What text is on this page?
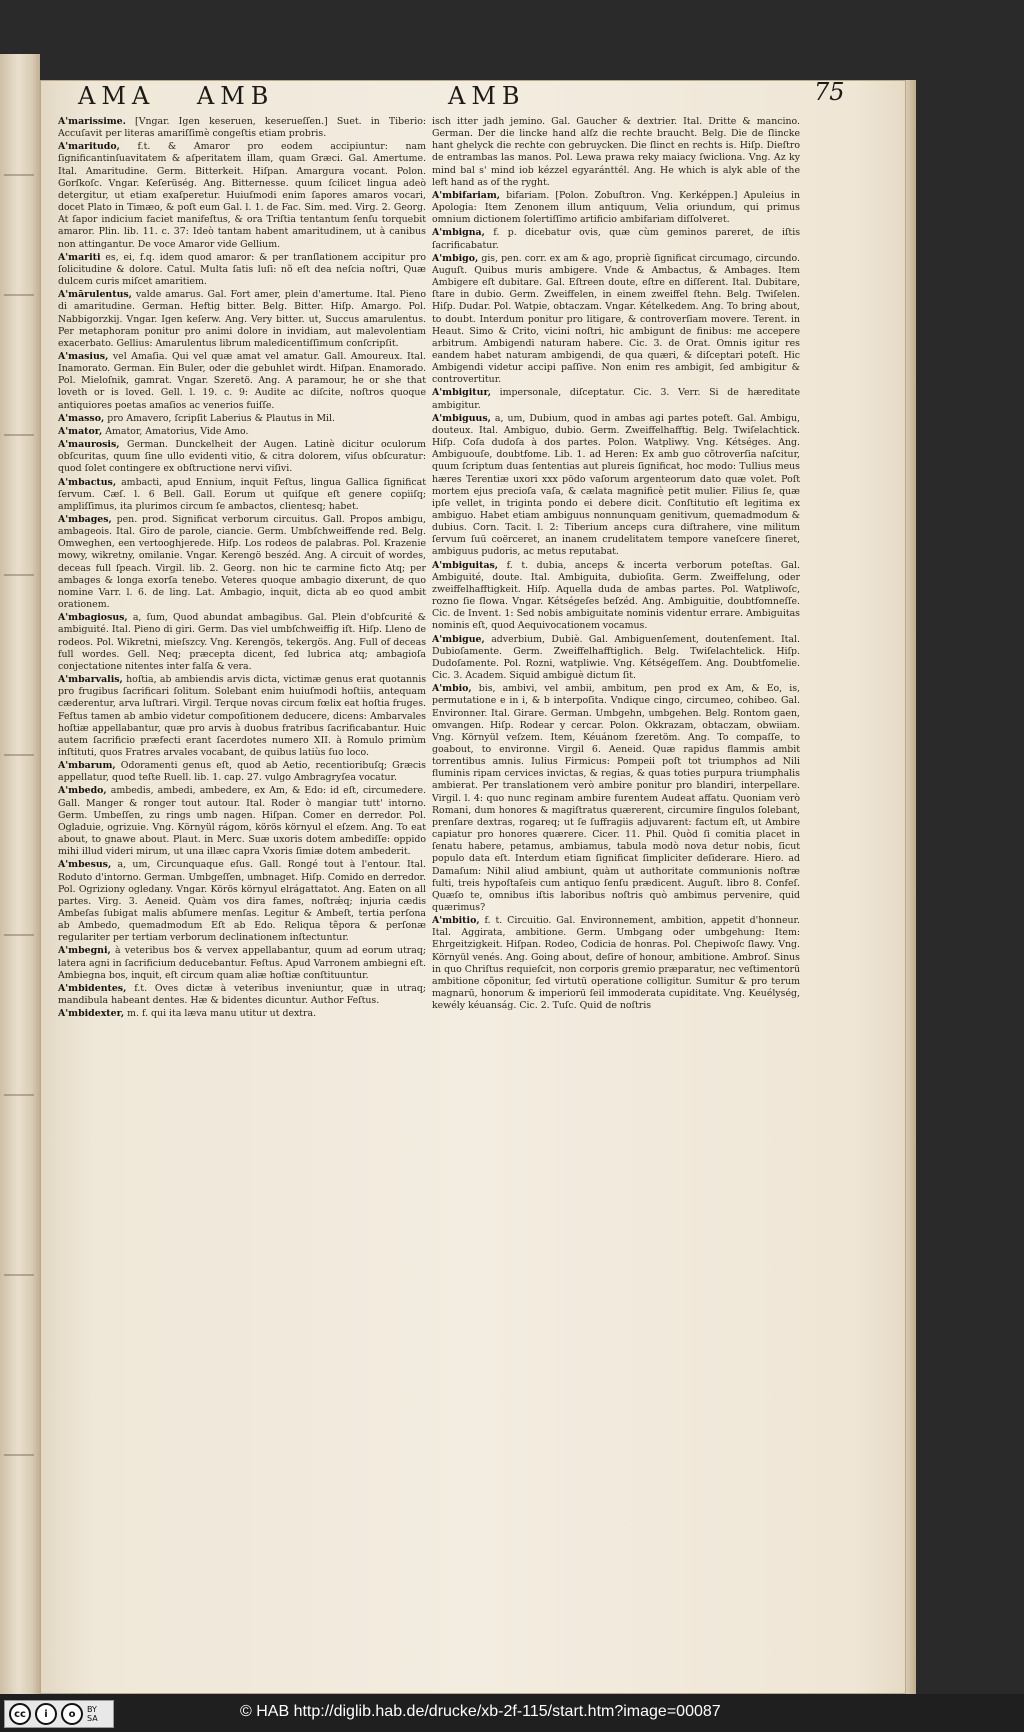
AMA AMB	AMB	75

A'marissime. [Vngar. Igen keseruen, keserueſſen.] Suet. in Tiberio: Accuſavit per literas amariſſimè congeſtis etiam probris.

A'maritudo, f.t. & Amaror pro eodem accipiuntur: nam ſignificantinſuavitatem & aſperitatem illam, quam Græci. Gal. Amertume. Ital. Amaritudine. Germ. Bitterkeit. Hiſpan. Amargura vocant. Polon. Gorſkoſc. Vngar. Keſerüség. Ang. Bitternesse. quum ſcilicet lingua adeò detergitur, ut etiam exaſperetur. Huiuſmodi enim ſapores amaros vocari, docet Plato in Timæo, & poſt eum Gal. l. 1. de Fac. Sim. med. Virg. 2. Georg. At ſapor indicium faciet manifeſtus, & ora Triſtia tentantum ſenſu torquebit amaror. Plin. lib. 11. c. 37: Ideò tantam habent amaritudinem, ut à canibus non attingantur. De voce Amaror vide Gellium.

A'mariti es, ei, f.q. idem quod amaror: & per tranſlationem accipitur pro ſolicitudine & dolore. Catul. Multa ſatis luſi: nõ eſt dea neſcia noſtri, Quæ dulcem curis miſcet amaritiem.

A'mārulentus, valde amarus. Gal. Fort amer, plein d'amertume. Ital. Pieno di amaritudine. German. Heftig bitter. Belg. Bitter. Hiſp. Amargo. Pol. Nabbigorzkij. Vngar. Igen keſerw. Ang. Very bitter. ut, Succus amarulentus. Per metaphoram ponitur pro animi dolore in invidiam, aut malevolentiam exacerbato. Gellius: Amarulentus librum maledicentiſſimum conſcripſit.

A'masius, vel Amaſia. Qui vel quæ amat vel amatur. Gall. Amoureux. Ital. Inamorato. German. Ein Buler, oder die gebuhlet wirdt. Hiſpan. Enamorado. Pol. Mieloſnik, gamrat. Vngar. Szeretö. Ang. A paramour, he or she that loveth or is loved. Gell. l. 19. c. 9: Audite ac diſcite, noſtros quoque antiquiores poetas amaſios ac venerios fuiſſe.

A'masso, pro Amavero, ſcripſit Laberius & Plautus in Mil.

A'mator, Amator, Amatorius, Vide Amo.

A'maurosis, German. Dunckelheit der Augen. Latinè dicitur oculorum obſcuritas, quum ſine ullo evidenti vitio, & citra dolorem, viſus obſcuratur: quod ſolet contingere ex obſtructione nervi viſivi.

A'mbactus, ambacti, apud Ennium, inquit Feſtus, lingua Gallica ſignificat ſervum. Cæſ. l. 6 Bell. Gall. Eorum ut quiſque eſt genere copiiſq; ampliſſimus, ita plurimos circum ſe ambactos, clientesq; habet.

A'mbages, pen. prod. Significat verborum circuitus. Gall. Propos ambigu, ambageois. Ital. Giro de parole, ciancie. Germ. Umbſchweiffende red. Belg. Omweghen, een vertooghjerede. Hiſp. Los rodeos de palabras. Pol. Krazenie mowy, wikretny, omilanie. Vngar. Kerengö beszéd. Ang. A circuit of wordes, deceas full ſpeach. Virgil. lib. 2. Georg. non hic te carmine ficto Atq; per ambages & longa exorſa tenebo. Veteres quoque ambagio dixerunt, de quo nomine Varr. l. 6. de ling. Lat. Ambagio, inquit, dicta ab eo quod ambit orationem.

A'mbagiosus, a, ſum, Quod abundat ambagibus. Gal. Plein d'obſcurité & ambiguité. Ital. Pieno di giri. Germ. Das viel umbſchweiffig iſt. Hiſp. Lleno de rodeos. Pol. Wikretni, mieſszcy. Vng. Kerengös, tekergös. Ang. Full of deceas full wordes. Gell. Neq; præcepta dicent, ſed lubrica atq; ambagioſa conjectatione nitentes inter falſa & vera.

A'mbarvalis, hoſtia, ab ambiendis arvis dicta, victimæ genus erat quotannis pro frugibus ſacrificari ſolitum. Solebant enim huiuſmodi hoſtiis, antequam cæderentur, arva luſtrari. Virgil. Terque novas circum fœlix eat hoſtia fruges. Feſtus tamen ab ambio videtur compoſitionem deducere, dicens: Ambarvales hoſtiæ appellabantur, quæ pro arvis à duobus fratribus ſacrificabantur. Huic autem ſacrificio præfecti erant ſacerdotes numero XII. à Romulo primùm inſtituti, quos Fratres arvales vocabant, de quibus latiùs ſuo loco.

A'mbarum, Odoramenti genus eſt, quod ab Aetio, recentioribuſq; Græcis appellatur, quod teſte Ruell. lib. 1. cap. 27. vulgo Ambragryſea vocatur.

A'mbedo, ambedis, ambedi, ambedere, ex Am, & Edo: id eſt, circumedere. Gall. Manger & ronger tout autour. Ital. Roder ò mangiar tutt' intorno. Germ. Umbeſſen, zu rings umb nagen. Hiſpan. Comer en derredor. Pol. Ogladuie, ogrizuie. Vng. Környül rágom, körös környul el eſzem. Ang. To eat about, to gnawe about. Plaut. in Merc. Suæ uxoris dotem ambediſſe: oppido mihi illud videri mirum, ut una illæc capra Vxoris ſimiæ dotem ambederit.

A'mbesus, a, um, Circunquaque eſus. Gall. Rongé tout à l'entour. Ital. Roduto d'intorno. German. Umbgeſſen, umbnaget. Hiſp. Comido en derredor. Pol. Ogriziony ogledany. Vngar. Körös környul elrágattatot. Ang. Eaten on all partes. Virg. 3. Aeneid. Quàm vos dira fames, noſtrǽq; injuria cædis Ambeſas ſubigat malis abſumere menſas. Legitur & Ambeſt, tertia perſona ab Ambedo, quemadmodum Eſt ab Edo. Reliqua tẽpora & perſonæ regulariter per tertiam verborum declinationem inſtectuntur.

A'mbegni, à veteribus bos & vervex appellabantur, quum ad eorum utraq; latera agni in ſacrificium deducebantur. Feſtus. Apud Varronem ambiegni eſt. Ambiegna bos, inquit, eſt circum quam aliæ hoſtiæ conſtituuntur.

A'mbidentes, f.t. Oves dictæ à veteribus inveniuntur, quæ in utraq; mandibula habeant dentes. Hæ & bidentes dicuntur. Author Feſtus.

A'mbidexter, m. f. qui ita læva manu utitur ut dextra.

isch itter jadh jemino. Gal. Gaucher & dextrier. Ital. Dritte & mancino. German. Der die lincke hand alſz die rechte braucht. Belg. Die de ſlincke hant ghelyck die rechte con gebruycken. Die ſlinct en rechts is. Hiſp. Dieſtro de entrambas las manos. Pol. Lewa prawa reky maiacy ſwicliona. Vng. Az ky mind bal s' mind iob kézzel egyaránttél. Ang. He which is alyk able of the left hand as of the ryght.

A'mbifariam, bifariam. [Polon. Zobuſtron. Vng. Kerképpen.] Apuleius in Apologia: Item Zenonem illum antiquum, Velia oriundum, qui primus omnium dictionem ſolertiſſimo artificio ambifariam diſſolveret.

A'mbigna, f. p. dicebatur ovis, quæ cùm geminos pareret, de iſtis ſacrificabatur.

A'mbigo, gis, pen. corr. ex am & ago, propriè ſignificat circumago, circundo. Auguſt. Quibus muris ambigere. Vnde & Ambactus, & Ambages. Item Ambigere eſt dubitare. Gal. Eſtreen doute, eſtre en diſſerent. Ital. Dubitare, ſtare in dubio. Germ. Zweiffelen, in einem zweiffel ſtehn. Belg. Twiſelen. Hiſp. Dudar. Pol. Watpie, obtaczam. Vngar. Kételkedem. Ang. To bring about, to doubt. Interdum ponitur pro litigare, & controverſiam movere. Terent. in Heaut. Simo & Crito, vicini noſtri, hic ambigunt de finibus: me accepere arbitrum. Ambigendi naturam habere. Cic. 3. de Orat. Omnis igitur res eandem habet naturam ambigendi, de qua quæri, & diſceptari poteſt. Hic Ambigendi videtur accipi paſſive. Non enim res ambigit, ſed ambigitur & controvertitur.

A'mbigitur, impersonale, diſceptatur. Cic. 3. Verr. Si de hæreditate ambigitur.

A'mbiguus, a, um, Dubium, quod in ambas agi partes poteſt. Gal. Ambigu, douteux. Ital. Ambiguo, dubio. Germ. Zweiffelhafftig. Belg. Twiſelachtick. Hiſp. Coſa dudoſa à dos partes. Polon. Watpliwy. Vng. Kétséges. Ang. Ambiguouſe, doubtfome. Lib. 1. ad Heren: Ex amb guo cõtroverſia naſcitur, quum ſcriptum duas ſententias aut plureis ſignificat, hoc modo: Tullius meus hæres Terentiæ uxori xxx pōdo vaſorum argenteorum dato quæ volet. Poſt mortem ejus precioſa vaſa, & cælata magnificè petit mulier. Filius ſe, quæ ipſe vellet, in triginta pondo ei debere dicit. Conſtitutio eſt legitima ex ambiguo. Habet etiam ambiguus nonnunquam genitivum, quemadmodum & dubius. Corn. Tacit. l. 2: Tiberium anceps cura diſtrahere, vine militum ſervum ſuū coërceret, an inanem crudelitatem tempore vaneſcere ſineret, ambiguus pudoris, ac metus reputabat.

A'mbiguitas, f. t. dubia, anceps & incerta verborum poteſtas. Gal. Ambiguité, doute. Ital. Ambiguita, dubioſita. Germ. Zweiffelung, oder zweiffelhafftigkeit. Hiſp. Aquella duda de ambas partes. Pol. Watpliwoſc, rozno ſie ſlowa. Vngar. Kétségeſes beſzéd. Ang. Ambiguitie, doubtfomneſſe. Cic. de Invent. 1: Sed nobis ambiguitate nominis videntur errare. Ambiguitas nominis eſt, quod Aequivocationem vocamus.

A'mbigue, adverbium, Dubiè. Gal. Ambiguenſement, doutenſement. Ital. Dubioſamente. Germ. Zweiffelhafftiglich. Belg. Twiſelachtelick. Hiſp. Dudoſamente. Pol. Rozni, watpliwie. Vng. Kétségeſſem. Ang. Doubtfomelie. Cic. 3. Academ. Siquid ambiguè dictum ſit.

A'mbio, bis, ambivi, vel ambii, ambitum, pen prod ex Am, & Eo, is, permutatione e in i, & b interpoſita. Vndique cingo, circumeo, cohibeo. Gal. Environner. Ital. Girare. German. Umbgehn, umbgehen. Belg. Rontom gaen, omvangen. Hiſp. Rodear y cercar. Polon. Okkrazam, obtaczam, obwiiam. Vng. Környül veſzem. Item, Kéuánom ſzeretöm. Ang. To compaſſe, to goabout, to environne. Virgil 6. Aeneid. Quæ rapidus flammis ambit torrentibus amnis. Iulius Firmicus: Pompeii poſt tot triumphos ad Nili fluminis ripam cervices invictas, & regias, & quas toties purpura triumphalis ambierat. Per translationem verò ambire ponitur pro blandiri, interpellare. Virgil. l. 4: quo nunc reginam ambire furentem Audeat affatu. Quoniam verò Romani, dum honores & magiſtratus quærerent, circumire ſingulos ſolebant, prenſare dextras, rogareq; ut ſe ſuffragiis adjuvarent: factum eſt, ut Ambire capiatur pro honores quærere. Cicer. 11. Phil. Quòd ſi comitia placet in ſenatu habere, petamus, ambiamus, tabula modò nova detur nobis, ſicut populo data eſt. Interdum etiam ſignificat ſimpliciter deſiderare. Hiero. ad Damaſum: Nihil aliud ambiunt, quàm ut authoritate communionis noſtræ fulti, treis hypoſtaſeis cum antiquo ſenſu prædicent. Auguſt. libro 8. Confeſ. Quæſo te, omnibus iſtis laboribus noſtris quò ambimus pervenire, quid quærimus?

A'mbitio, f. t. Circuitio. Gal. Environnement, ambition, appetit d'honneur. Ital. Aggirata, ambitione. Germ. Umbgang oder umbgehung: Item: Ehrgeitzigkeit. Hiſpan. Rodeo, Codicia de honras. Pol. Chepiwoſc ſlawy. Vng. Környül venés. Ang. Going about, deſire of honour, ambitione. Ambroſ. Sinus in quo Chriſtus requieſcit, non corporis gremio præparatur, nec veſtimentorū ambitione cõponitur, ſed virtutū operatione colligitur. Sumitur & pro terum magnarū, honorum & imperiorū ſeil immoderata cupiditate. Vng. Keuélység, kewély kéuanság. Cic. 2. Tuſc. Quid de noſtris

cc	i	o	BY
SA	© HAB http://diglib.hab.de/drucke/xb-2f-115/start.htm?image=00087
